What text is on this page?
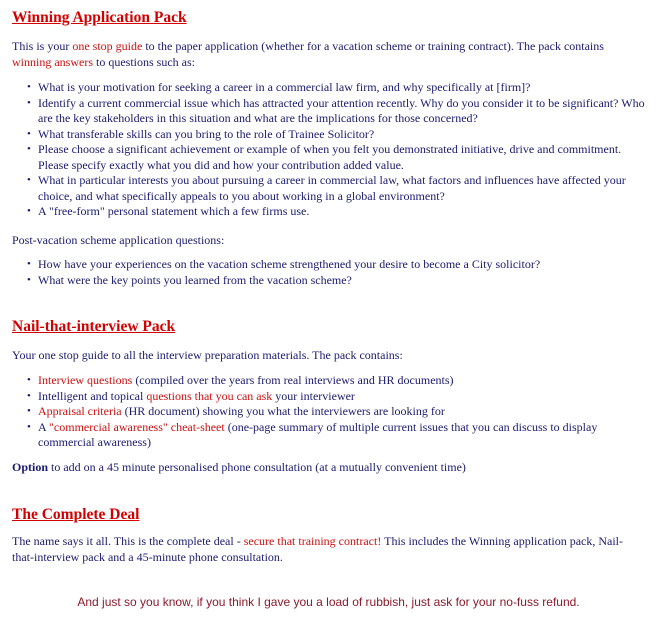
Winning Application Pack

This is your one stop guide to the paper application (whether for a vacation scheme or training contract). The pack contains winning answers to questions such as:

• What is your motivation for seeking a career in a commercial law firm, and why specifically at [firm]?
• Identify a current commercial issue which has attracted your attention recently. Why do you consider it to be significant? Who are the key stakeholders in this situation and what are the implications for those concerned?
• What transferable skills can you bring to the role of Trainee Solicitor?
• Please choose a significant achievement or example of when you felt you demonstrated initiative, drive and commitment. Please specify exactly what you did and how your contribution added value.
• What in particular interests you about pursuing a career in commercial law, what factors and influences have affected your choice, and what specifically appeals to you about working in a global environment?
• A "free-form" personal statement which a few firms use.

Post-vacation scheme application questions:

• How have your experiences on the vacation scheme strengthened your desire to become a City solicitor?
• What were the key points you learned from the vacation scheme?
Nail-that-interview Pack

Your one stop guide to all the interview preparation materials. The pack contains:

• Interview questions (compiled over the years from real interviews and HR documents)
• Intelligent and topical questions that you can ask your interviewer
• Appraisal criteria (HR document) showing you what the interviewers are looking for
• A "commercial awareness" cheat-sheet (one-page summary of multiple current issues that you can discuss to display commercial awareness)

Option to add on a 45 minute personalised phone consultation (at a mutually convenient time)

The Complete Deal

The name says it all. This is the complete deal - secure that training contract! This includes the Winning application pack, Nail-that-interview pack and a 45-minute phone consultation.

And just so you know, if you think I gave you a load of rubbish, just ask for your no-fuss refund.
